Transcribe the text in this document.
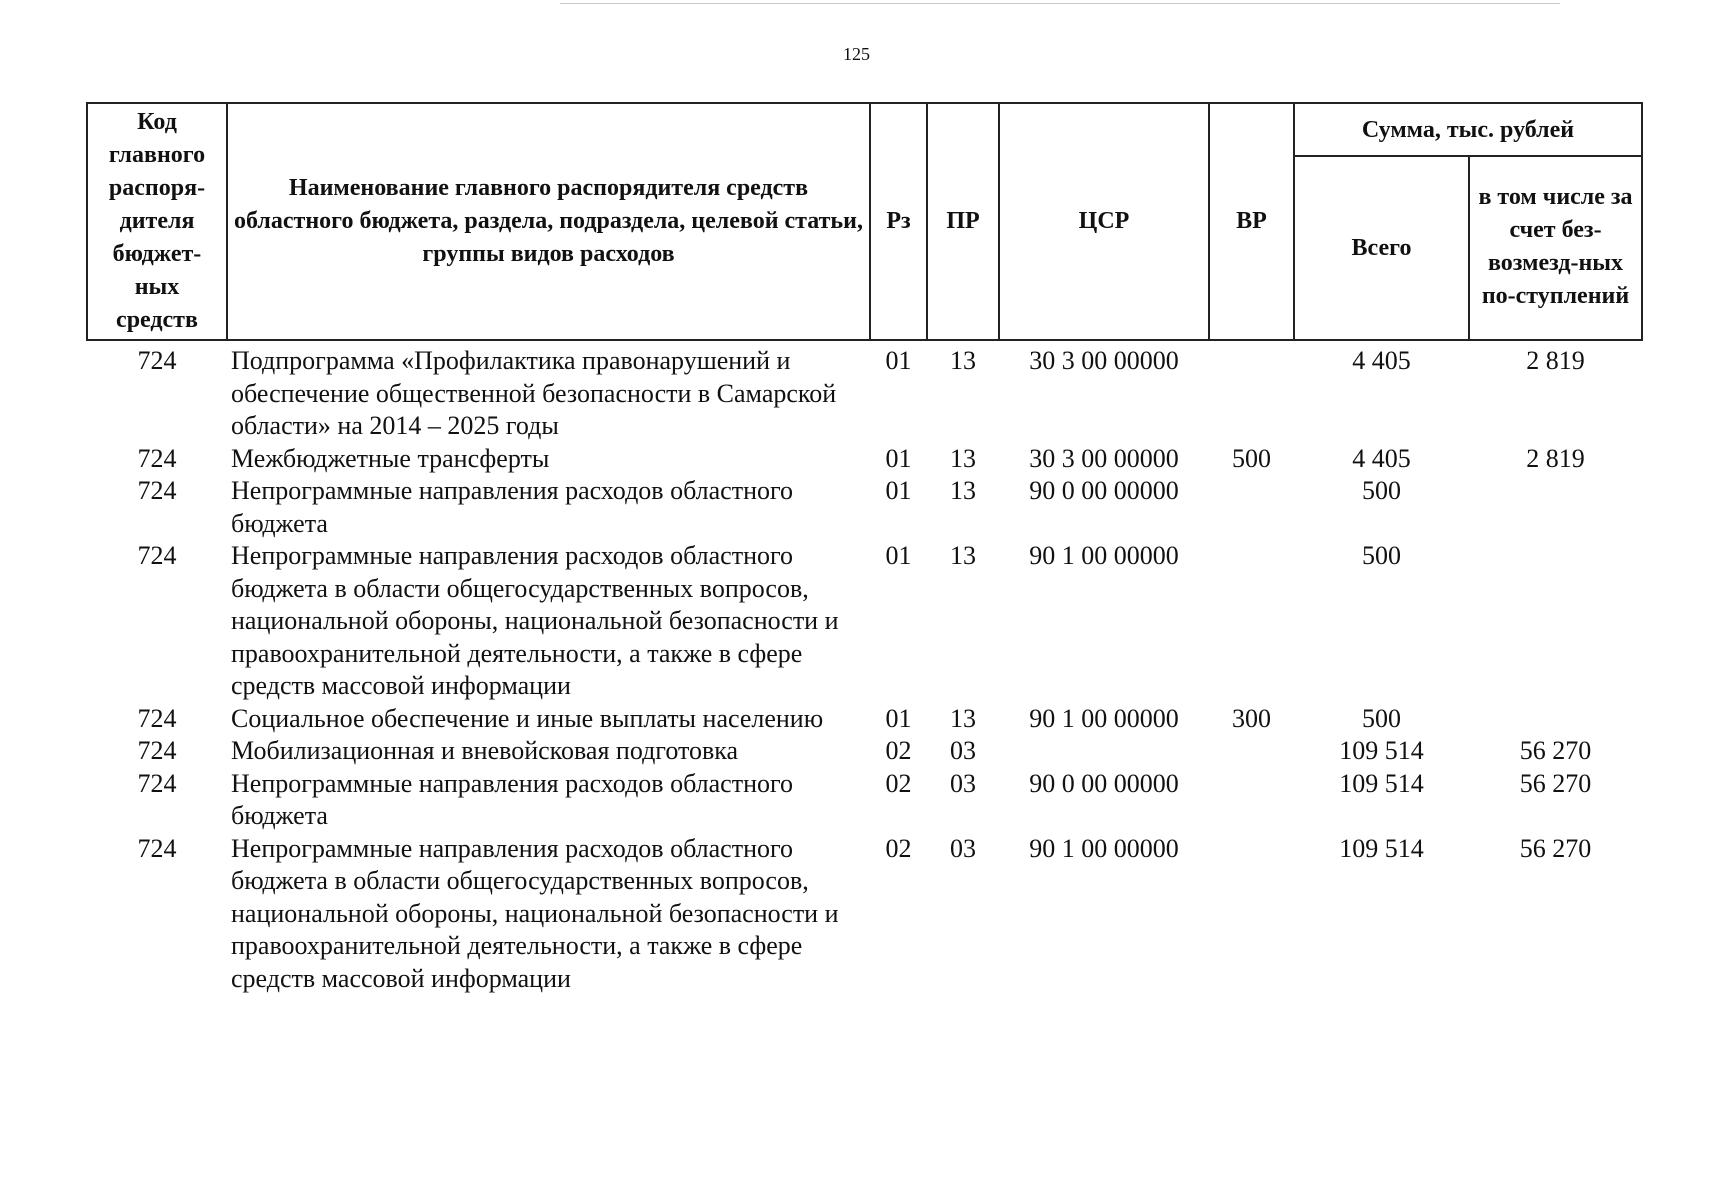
125
Код главного распоря-дителя бюджет-ных средств	Наименование главного распорядителя средств областного бюджета, раздела, подраздела, целевой статьи, группы видов расходов	Рз	ПР	ЦСР	ВР	Сумма, тыс. рублей	
						Всего	в том числе за счет без-возмезд-ных по-ступлений
724	Подпрограмма «Профилактика правонарушений и обеспечение общественной безопасности в Самарской области» на 2014 – 2025 годы	01	13	30 3 00 00000		4 405	2 819
724	Межбюджетные трансферты	01	13	30 3 00 00000	500	4 405	2 819
724	Непрограммные направления расходов областного бюджета	01	13	90 0 00 00000		500	
724	Непрограммные направления расходов областного бюджета в области общегосударственных вопросов, национальной обороны, национальной безопасности и правоохранительной деятельности, а также в сфере средств массовой информации	01	13	90 1 00 00000		500	
724	Социальное обеспечение и иные выплаты населению	01	13	90 1 00 00000	300	500	
724	Мобилизационная и вневойсковая подготовка	02	03			109 514	56 270
724	Непрограммные направления расходов областного бюджета	02	03	90 0 00 00000		109 514	56 270
724	Непрограммные направления расходов областного бюджета в области общегосударственных вопросов, национальной обороны, национальной безопасности и правоохранительной деятельности, а также в сфере средств массовой информации	02	03	90 1 00 00000		109 514	56 270
